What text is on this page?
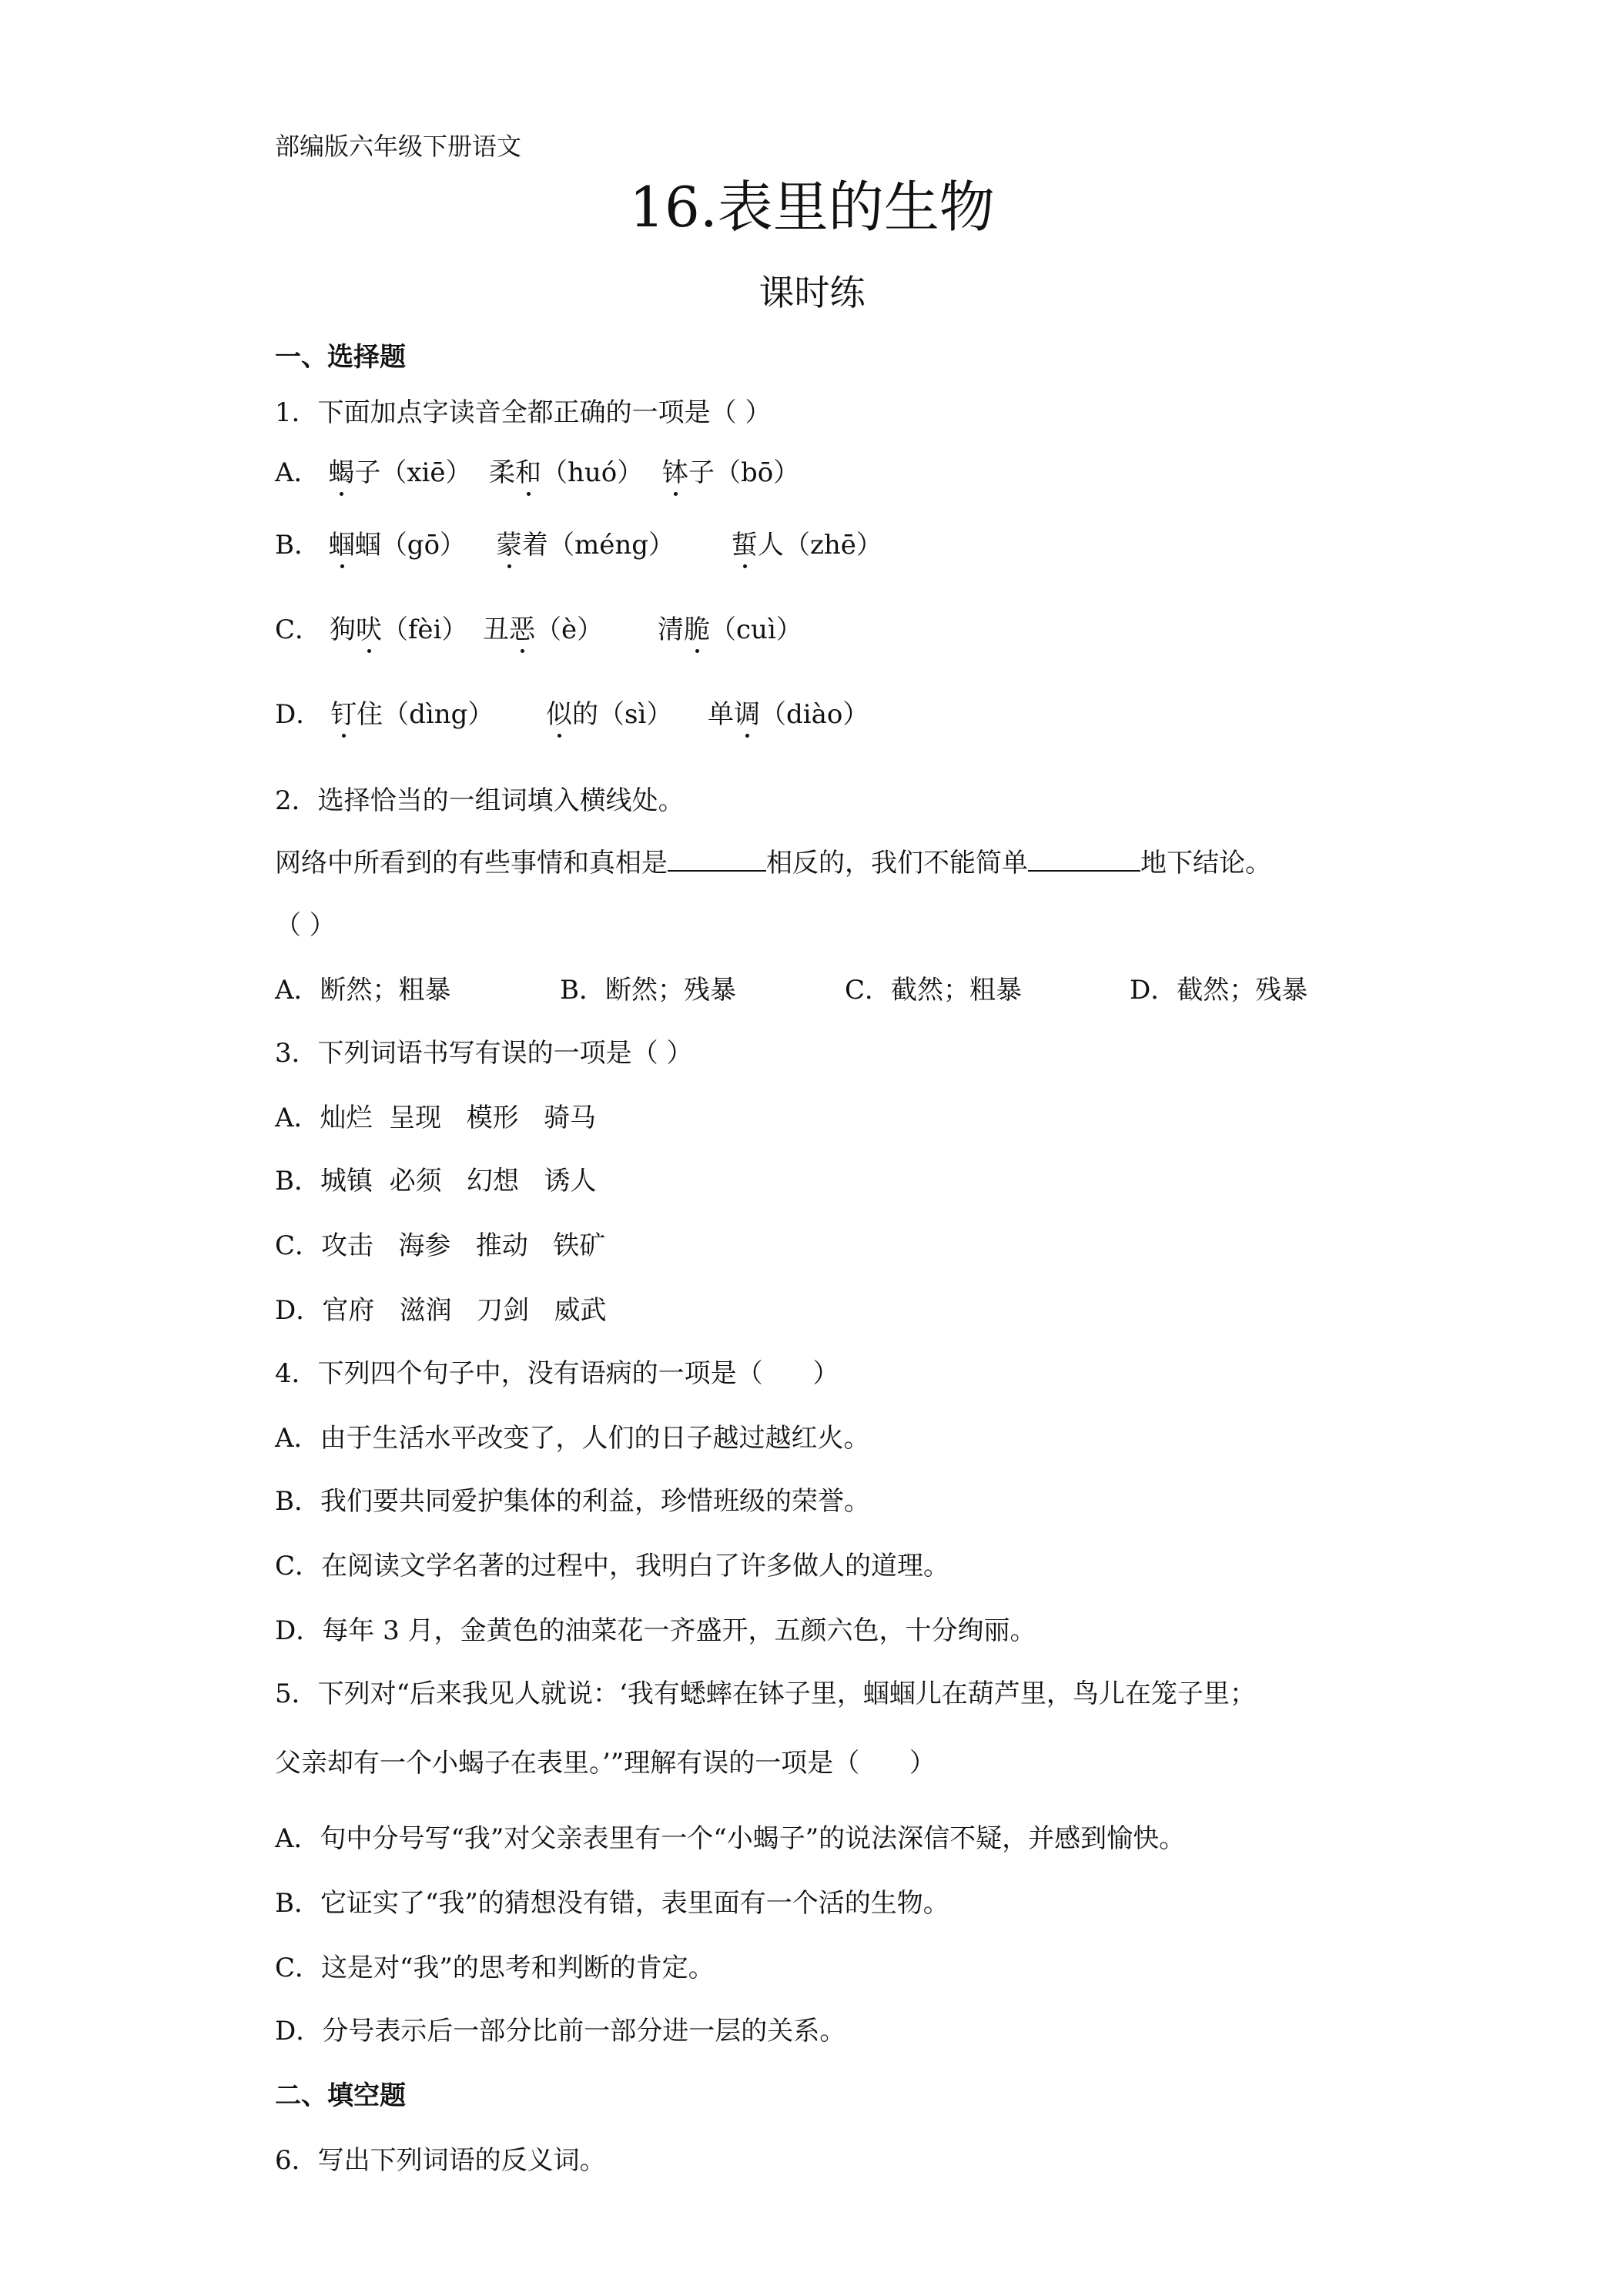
部编版六年级下册语文
16.表里的生物
课时练
一、选择题
1．下面加点字读音全都正确的一项是（ ）
A． 蝎子（xiē） 柔和（huó） 钵子（bō）
B． 蝈蝈（gō） 蒙着（méng） 蜇人（zhē）
C． 狗吠（fèi） 丑恶（è） 清脆（cuì）
D． 钉住（dìng） 似的（sì） 单调（diào）
2．选择恰当的一组词填入横线处。
网络中所看到的有些事情和真相是	相反的，我们不能简单	地下结论。
（ ）
A．断然；粗暴	B．断然；残暴	C．截然；粗暴	D．截然；残暴
3．下列词语书写有误的一项是（ ）
A．灿烂  呈现   模形   骑马
B．城镇  必须   幻想   诱人
C．攻击   海参   推动   铁矿
D．官府   滋润   刀剑   威武
4．下列四个句子中，没有语病的一项是（      ）
A．由于生活水平改变了，人们的日子越过越红火。
B．我们要共同爱护集体的利益，珍惜班级的荣誉。
C．在阅读文学名著的过程中，我明白了许多做人的道理。
D．每年 3 月，金黄色的油菜花一齐盛开，五颜六色，十分绚丽。
5．下列对“后来我见人就说：‘我有蟋蟀在钵子里，蝈蝈儿在葫芦里，鸟儿在笼子里；
父亲却有一个小蝎子在表里。’”理解有误的一项是（      ）
A．句中分号写“我”对父亲表里有一个“小蝎子”的说法深信不疑，并感到愉快。
B．它证实了“我”的猜想没有错，表里面有一个活的生物。
C．这是对“我”的思考和判断的肯定。
D．分号表示后一部分比前一部分进一层的关系。
二、填空题
6．写出下列词语的反义词。
